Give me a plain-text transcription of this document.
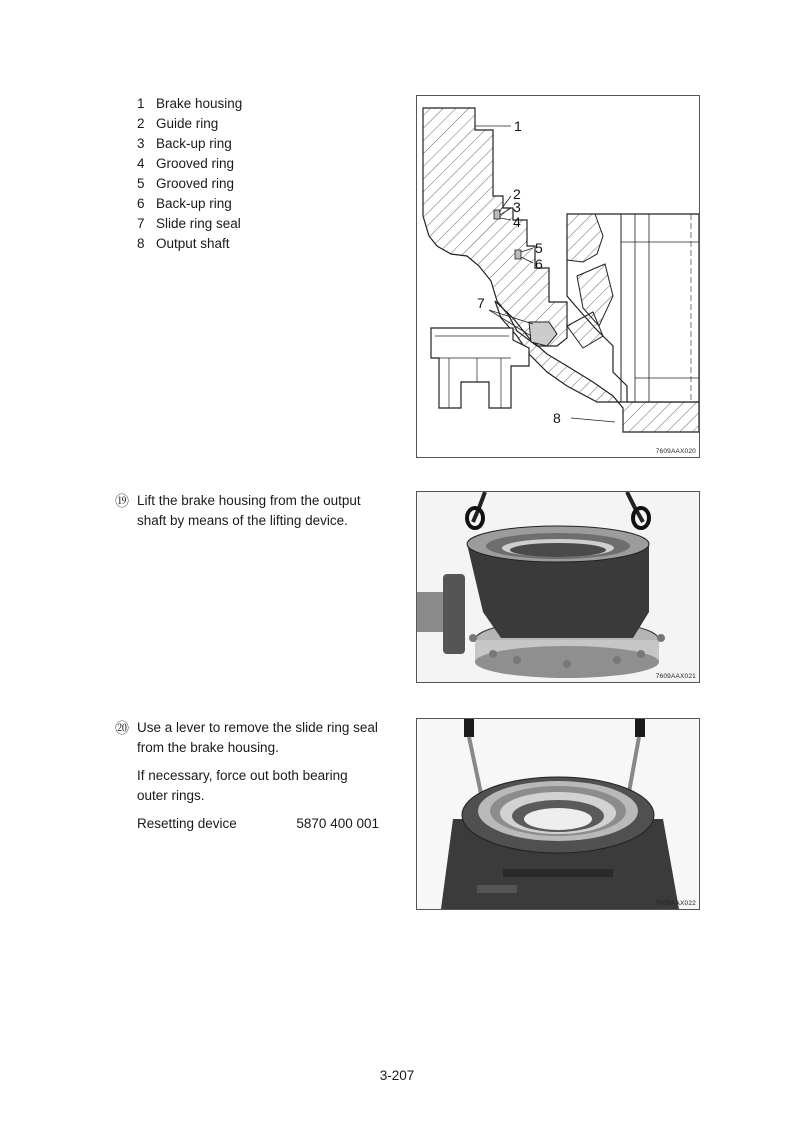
1 Brake housing
2 Guide ring
3 Back-up ring
4 Grooved ring
5 Grooved ring
6 Back-up ring
7 Slide ring seal
8 Output shaft
1
2
3
4
5
6
7
8
7609AAX020
⑲ Lift the brake housing from the output shaft by means of the lifting device.
7609AAX021
⑳ Use a lever to remove the slide ring seal from the brake housing.
If necessary, force out both bearing outer rings.
Resetting device	5870 400 001
7609AAX022
3-207
